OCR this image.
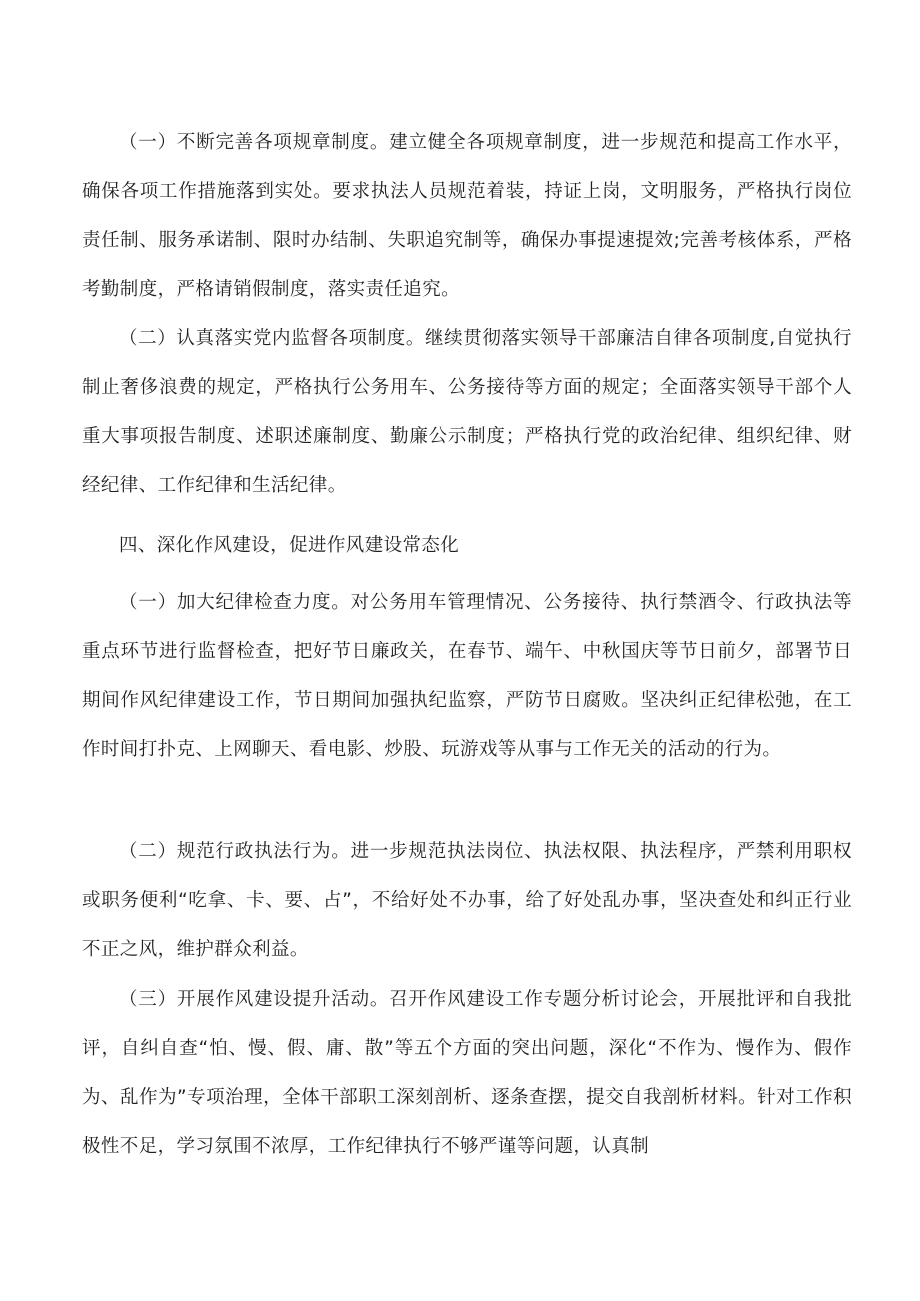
（一）不断完善各项规章制度。建立健全各项规章制度，进一步规范和提高工作水平，确保各项工作措施落到实处。要求执法人员规范着装，持证上岗，文明服务，严格执行岗位责任制、服务承诺制、限时办结制、失职追究制等，确保办事提速提效;完善考核体系，严格考勤制度，严格请销假制度，落实责任追究。

（二）认真落实党内监督各项制度。继续贯彻落实领导干部廉洁自律各项制度,自觉执行制止奢侈浪费的规定，严格执行公务用车、公务接待等方面的规定；全面落实领导干部个人重大事项报告制度、述职述廉制度、勤廉公示制度；严格执行党的政治纪律、组织纪律、财经纪律、工作纪律和生活纪律。

四、深化作风建设，促进作风建设常态化

（一）加大纪律检查力度。对公务用车管理情况、公务接待、执行禁酒令、行政执法等重点环节进行监督检查，把好节日廉政关，在春节、端午、中秋国庆等节日前夕，部署节日期间作风纪律建设工作，节日期间加强执纪监察，严防节日腐败。坚决纠正纪律松弛，在工作时间打扑克、上网聊天、看电影、炒股、玩游戏等从事与工作无关的活动的行为。

（二）规范行政执法行为。进一步规范执法岗位、执法权限、执法程序，严禁利用职权或职务便利“吃拿、卡、要、占”，不给好处不办事，给了好处乱办事，坚决查处和纠正行业不正之风，维护群众利益。

（三）开展作风建设提升活动。召开作风建设工作专题分析讨论会，开展批评和自我批评，自纠自查“怕、慢、假、庸、散”等五个方面的突出问题，深化“不作为、慢作为、假作为、乱作为”专项治理，全体干部职工深刻剖析、逐条查摆，提交自我剖析材料。针对工作积极性不足，学习氛围不浓厚，工作纪律执行不够严谨等问题，认真制
